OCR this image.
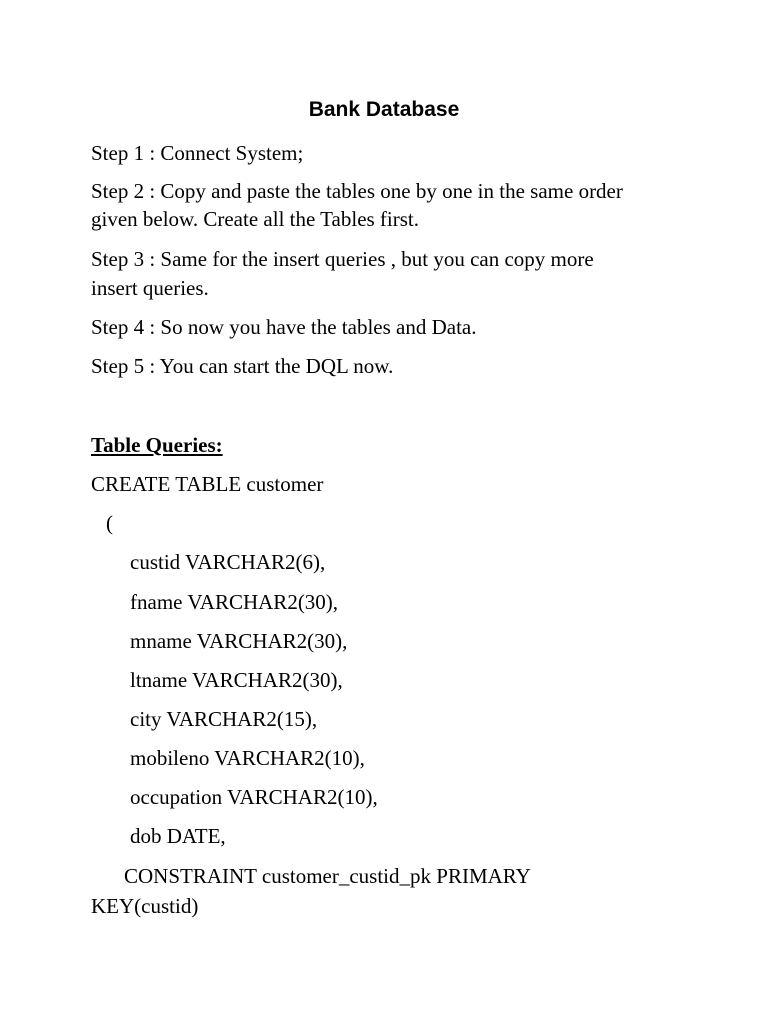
Bank Database
Step 1 : Connect System;
Step 2 : Copy and paste the tables one by one in the same order
given below. Create all the Tables first.
Step 3 : Same for the insert queries , but you can copy more
insert queries.
Step 4 : So now you have the tables and Data.
Step 5 : You can start the DQL now.
Table Queries:
CREATE TABLE customer
(
custid VARCHAR2(6),
fname VARCHAR2(30),
mname VARCHAR2(30),
ltname VARCHAR2(30),
city VARCHAR2(15),
mobileno VARCHAR2(10),
occupation VARCHAR2(10),
dob DATE,
CONSTRAINT customer_custid_pk PRIMARY
KEY(custid)
